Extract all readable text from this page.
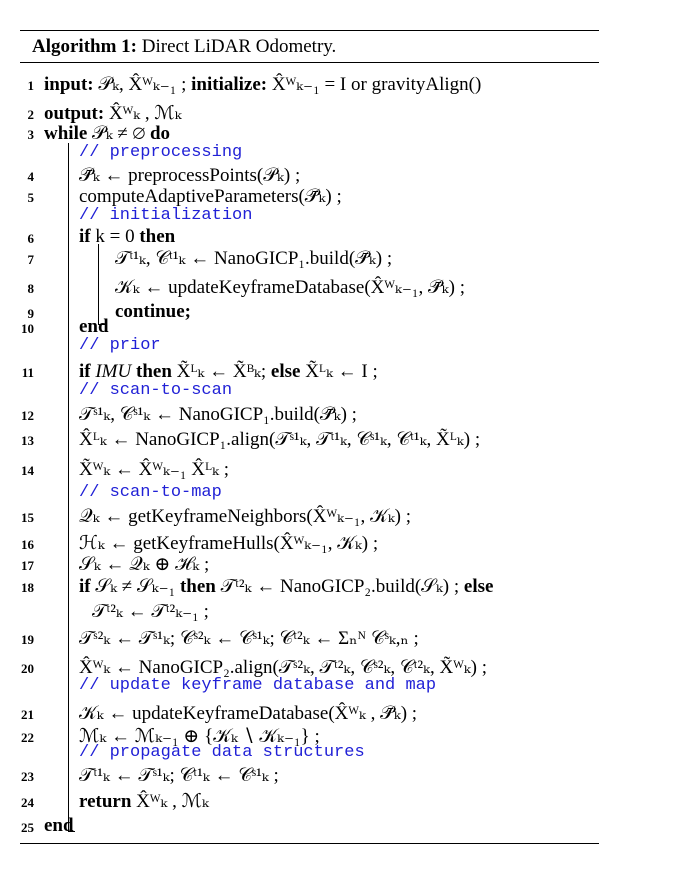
Algorithm 1: Direct LiDAR Odometry.
1 input: 𝒫ₖ, X̂ᵂₖ₋₁ ; initialize: X̂ᵂₖ₋₁ = I or gravityAlign()
2 output: X̂ᵂₖ , ℳₖ
3 while 𝒫ₖ ≠ ∅ do
// preprocessing
4 𝒫̄ₖ ← preprocessPoints(𝒫ₖ) ;
5 computeAdaptiveParameters(𝒫̄ₖ) ;
// initialization
6 if k = 0 then
7	𝒯ᵗ¹ₖ, 𝒞ᵗ¹ₖ ← NanoGICP₁.build(𝒫̄ₖ) ;
8	𝒦ₖ ← updateKeyframeDatabase(X̂ᵂₖ₋₁, 𝒫̄ₖ) ;
9	continue;
10 end
// prior
11 if IMU then X̃ᴸₖ ← X̃ᴮₖ; else X̃ᴸₖ ← I ;
// scan-to-scan
12 𝒯ˢ¹ₖ, 𝒞ˢ¹ₖ ← NanoGICP₁.build(𝒫̄ₖ) ;
13 X̂ᴸₖ ← NanoGICP₁.align(𝒯ˢ¹ₖ, 𝒯ᵗ¹ₖ, 𝒞ˢ¹ₖ, 𝒞ᵗ¹ₖ, X̃ᴸₖ) ;
14 X̃ᵂₖ ← X̂ᵂₖ₋₁ X̂ᴸₖ ;
// scan-to-map
15 𝒬ₖ ← getKeyframeNeighbors(X̂ᵂₖ₋₁, 𝒦ₖ) ;
16 ℋₖ ← getKeyframeHulls(X̂ᵂₖ₋₁, 𝒦ₖ) ;
17 𝒮ₖ ← 𝒬ₖ ⊕ ℋₖ ;
18 if 𝒮ₖ ≠ 𝒮ₖ₋₁ then 𝒯ᵗ²ₖ ← NanoGICP₂.build(𝒮ₖ) ; else
𝒯ᵗ²ₖ ← 𝒯ᵗ²ₖ₋₁ ;
19 𝒯ˢ²ₖ ← 𝒯ˢ¹ₖ; 𝒞ˢ²ₖ ← 𝒞ˢ¹ₖ; 𝒞ᵗ²ₖ ← Σₙᴺ 𝒞ˢₖ,ₙ ;
20 X̂ᵂₖ ← NanoGICP₂.align(𝒯ˢ²ₖ, 𝒯ᵗ²ₖ, 𝒞ˢ²ₖ, 𝒞ᵗ²ₖ, X̃ᵂₖ) ;
// update keyframe database and map
21 𝒦ₖ ← updateKeyframeDatabase(X̂ᵂₖ , 𝒫̄ₖ) ;
22 ℳₖ ← ℳₖ₋₁ ⊕ {𝒦ₖ ∖ 𝒦ₖ₋₁} ;
// propagate data structures
23 𝒯ᵗ¹ₖ ← 𝒯ˢ¹ₖ; 𝒞ᵗ¹ₖ ← 𝒞ˢ¹ₖ ;
24 return X̂ᵂₖ , ℳₖ
25 end
